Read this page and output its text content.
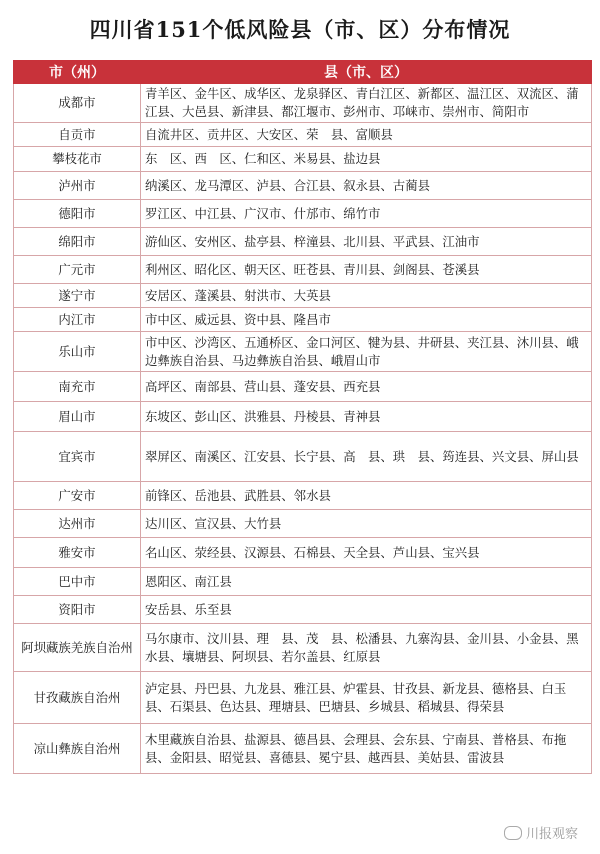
四川省151个低风险县（市、区）分布情况
市（州）	县（市、区）
成都市	青羊区、金牛区、成华区、龙泉驿区、青白江区、新都区、温江区、双流区、蒲江县、大邑县、新津县、都江堰市、彭州市、邛崃市、崇州市、简阳市
自贡市	自流井区、贡井区、大安区、荣　县、富顺县
攀枝花市	东　区、西　区、仁和区、米易县、盐边县
泸州市	纳溪区、龙马潭区、泸县、合江县、叙永县、古蔺县
德阳市	罗江区、中江县、广汉市、什邡市、绵竹市
绵阳市	游仙区、安州区、盐亭县、梓潼县、北川县、平武县、江油市
广元市	利州区、昭化区、朝天区、旺苍县、青川县、剑阁县、苍溪县
遂宁市	安居区、蓬溪县、射洪市、大英县
内江市	市中区、威远县、资中县、隆昌市
乐山市	市中区、沙湾区、五通桥区、金口河区、犍为县、井研县、夹江县、沐川县、峨边彝族自治县、马边彝族自治县、峨眉山市
南充市	高坪区、南部县、营山县、蓬安县、西充县
眉山市	东坡区、彭山区、洪雅县、丹棱县、青神县
宜宾市	翠屏区、南溪区、江安县、长宁县、高　县、珙　县、筠连县、兴文县、屏山县
广安市	前锋区、岳池县、武胜县、邻水县
达州市	达川区、宣汉县、大竹县
雅安市	名山区、荥经县、汉源县、石棉县、天全县、芦山县、宝兴县
巴中市	恩阳区、南江县
资阳市	安岳县、乐至县
阿坝藏族羌族自治州	马尔康市、汶川县、理　县、茂　县、松潘县、九寨沟县、金川县、小金县、黑水县、壤塘县、阿坝县、若尔盖县、红原县
甘孜藏族自治州	泸定县、丹巴县、九龙县、雅江县、炉霍县、甘孜县、新龙县、德格县、白玉县、石渠县、色达县、理塘县、巴塘县、乡城县、稻城县、得荣县
凉山彝族自治州	木里藏族自治县、盐源县、德昌县、会理县、会东县、宁南县、普格县、布拖县、金阳县、昭觉县、喜德县、冕宁县、越西县、美姑县、雷波县
川报观察
